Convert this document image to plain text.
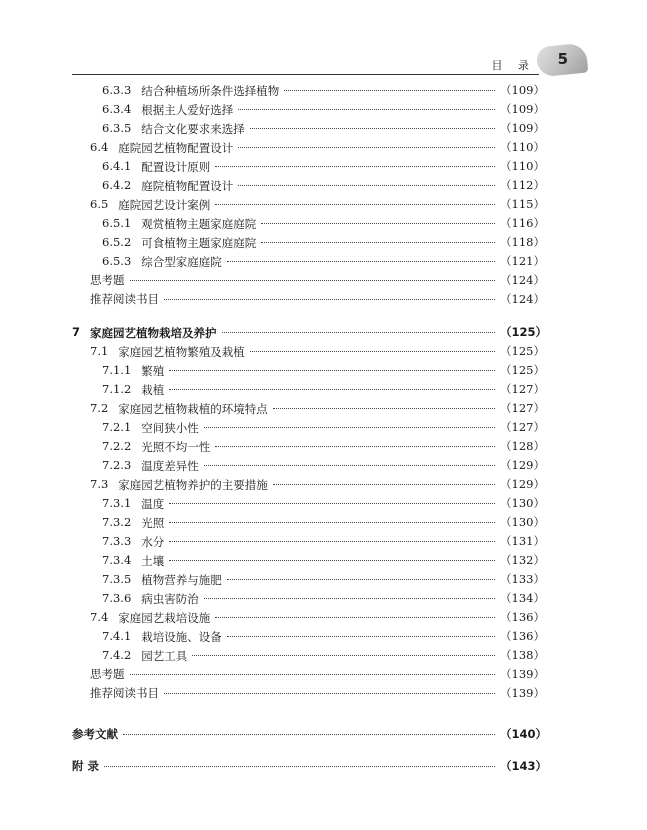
目 录 5
6.3.3 结合种植场所条件选择植物	（109）
6.3.4 根据主人爱好选择	（109）
6.3.5 结合文化要求来选择	（109）
6.4 庭院园艺植物配置设计	（110）
6.4.1 配置设计原则	（110）
6.4.2 庭院植物配置设计	（112）
6.5 庭院园艺设计案例	（115）
6.5.1 观赏植物主题家庭庭院	（116）
6.5.2 可食植物主题家庭庭院	（118）
6.5.3 综合型家庭庭院	（121）
思考题	（124）
推荐阅读书目	（124）
7 家庭园艺植物栽培及养护	（125）
7.1 家庭园艺植物繁殖及栽植	（125）
7.1.1 繁殖	（125）
7.1.2 栽植	（127）
7.2 家庭园艺植物栽植的环境特点	（127）
7.2.1 空间狭小性	（127）
7.2.2 光照不均一性	（128）
7.2.3 温度差异性	（129）
7.3 家庭园艺植物养护的主要措施	（129）
7.3.1 温度	（130）
7.3.2 光照	（130）
7.3.3 水分	（131）
7.3.4 土壤	（132）
7.3.5 植物营养与施肥	（133）
7.3.6 病虫害防治	（134）
7.4 家庭园艺栽培设施	（136）
7.4.1 栽培设施、设备	（136）
7.4.2 园艺工具	（138）
思考题	（139）
推荐阅读书目	（139）
参考文献	（140）
附 录	（143）
